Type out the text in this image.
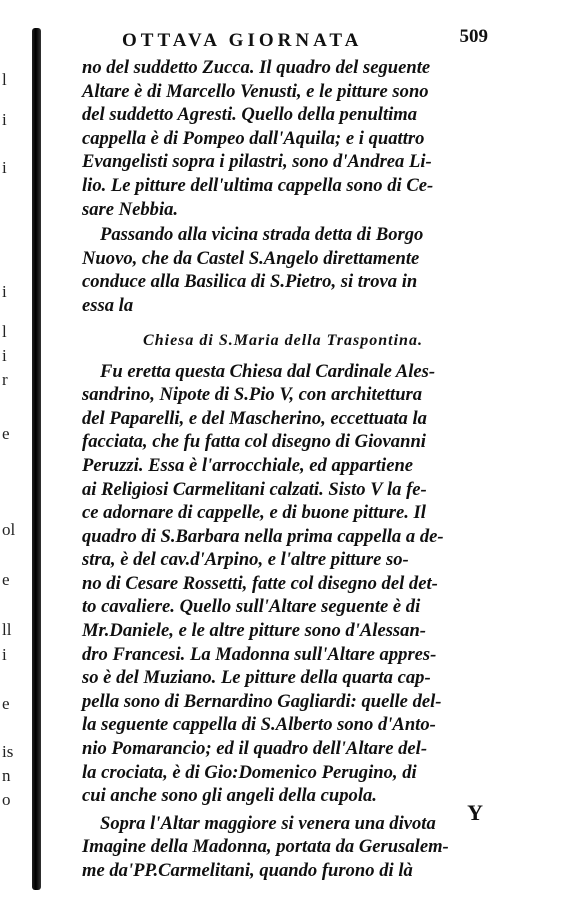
l
i
i
i
l
i
r
e
ol
e
ll
i
e
is
n
o
OTTAVA GIORNATA	509
no del suddetto Zucca. Il quadro del seguente
Altare è di Marcello Venusti, e le pitture sono
del suddetto Agresti. Quello della penultima
cappella è di Pompeo dall'Aquila; e i quattro
Evangelisti sopra i pilastri, sono d'Andrea Li-
lio. Le pitture dell'ultima cappella sono di Ce-
sare Nebbia.
Passando alla vicina strada detta di Borgo
Nuovo, che da Castel S.Angelo direttamente
conduce alla Basilica di S.Pietro, si trova in
essa la
Chiesa di S.Maria della Traspontina.
Fu eretta questa Chiesa dal Cardinale Ales-
sandrino, Nipote di S.Pio V, con architettura
del Paparelli, e del Mascherino, eccettuata la
facciata, che fu fatta col disegno di Giovanni
Peruzzi. Essa è l'arrocchiale, ed appartiene
ai Religiosi Carmelitani calzati. Sisto V la fe-
ce adornare di cappelle, e di buone pitture. Il
quadro di S.Barbara nella prima cappella a de-
stra, è del cav.d'Arpino, e l'altre pitture so-
no di Cesare Rossetti, fatte col disegno del det-
to cavaliere. Quello sull'Altare seguente è di
Mr.Daniele, e le altre pitture sono d'Alessan-
dro Francesi. La Madonna sull'Altare appres-
so è del Muziano. Le pitture della quarta cap-
pella sono di Bernardino Gagliardi: quelle del-
la seguente cappella di S.Alberto sono d'Anto-
nio Pomarancio; ed il quadro dell'Altare del-
la crociata, è di Gio:Domenico Perugino, di
cui anche sono gli angeli della cupola.
Sopra l'Altar maggiore si venera una divota
Imagine della Madonna, portata da Gerusalem-
me da'PP.Carmelitani, quando furono di là
Y
